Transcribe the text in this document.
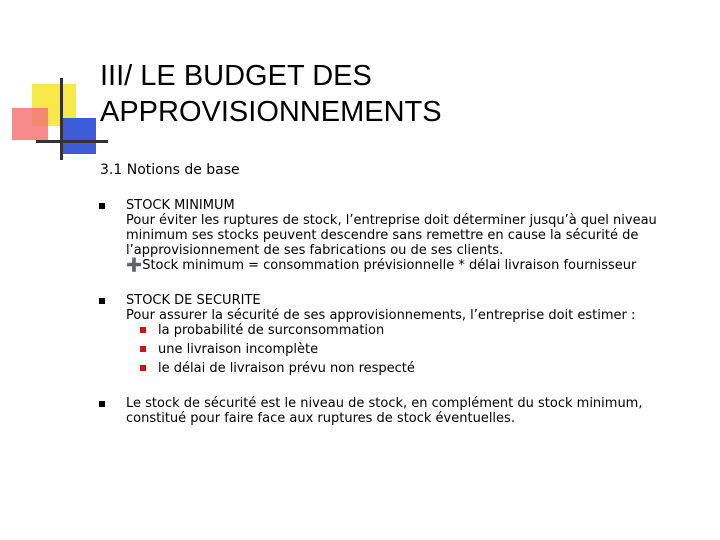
III/ LE BUDGET DES
APPROVISIONNEMENTS

3.1 Notions de base

STOCK MINIMUM
Pour éviter les ruptures de stock, l’entreprise doit déterminer jusqu’à quel niveau
minimum ses stocks peuvent descendre sans remettre en cause la sécurité de
l’approvisionnement de ses fabrications ou de ses clients.
➕Stock minimum = consommation prévisionnelle * délai livraison fournisseur
STOCK DE SECURITE
Pour assurer la sécurité de ses approvisionnements, l’entreprise doit estimer :
la probabilité de surconsommation
une livraison incomplète
le délai de livraison prévu non respecté
Le stock de sécurité est le niveau de stock, en complément du stock minimum,
constitué pour faire face aux ruptures de stock éventuelles.
